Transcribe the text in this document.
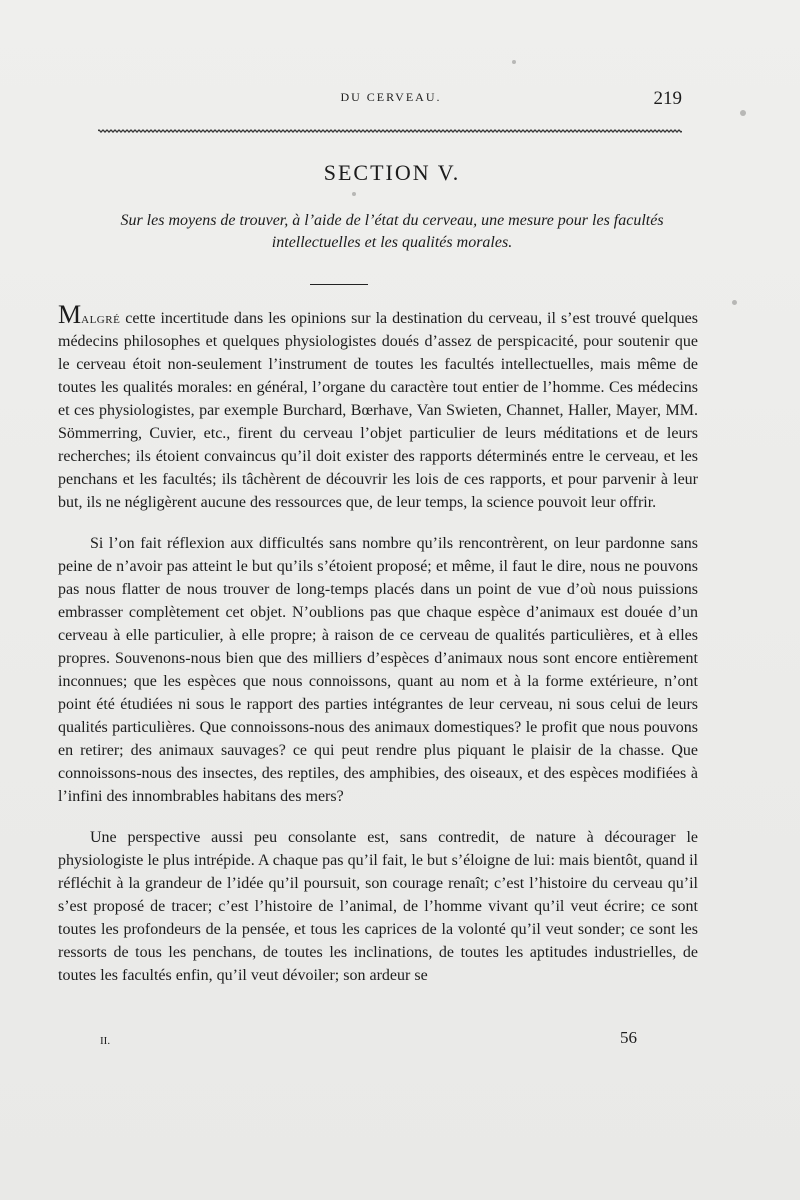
DU CERVEAU.	219
SECTION V.
Sur les moyens de trouver, à l’aide de l’état du cerveau, une mesure pour les facultés
intellectuelles et les qualités morales.

Malgré cette incertitude dans les opinions sur la destination du cerveau, il s’est trouvé quelques médecins philosophes et quelques physiologistes doués d’assez de perspicacité, pour soutenir que le cerveau étoit non-seulement l’instrument de toutes les facultés intellectuelles, mais même de toutes les qualités morales: en général, l’organe du caractère tout entier de l’homme. Ces médecins et ces physiologistes, par exemple Burchard, Bœrhave, Van Swieten, Channet, Haller, Mayer, MM. Sömmerring, Cuvier, etc., firent du cerveau l’objet particulier de leurs méditations et de leurs recherches; ils étoient convaincus qu’il doit exister des rapports déterminés entre le cerveau, et les penchans et les facultés; ils tâchèrent de découvrir les lois de ces rapports, et pour parvenir à leur but, ils ne négligèrent aucune des ressources que, de leur temps, la science pouvoit leur offrir.

Si l’on fait réflexion aux difficultés sans nombre qu’ils rencontrèrent, on leur pardonne sans peine de n’avoir pas atteint le but qu’ils s’étoient proposé; et même, il faut le dire, nous ne pouvons pas nous flatter de nous trouver de long-temps placés dans un point de vue d’où nous puissions embrasser complètement cet objet. N’oublions pas que chaque espèce d’animaux est douée d’un cerveau à elle particulier, à elle propre; à raison de ce cerveau de qualités particulières, et à elles propres. Souvenons-nous bien que des milliers d’espèces d’animaux nous sont encore entièrement inconnues; que les espèces que nous connoissons, quant au nom et à la forme extérieure, n’ont point été étudiées ni sous le rapport des parties intégrantes de leur cerveau, ni sous celui de leurs qualités particulières. Que connoissons-nous des animaux domestiques? le profit que nous pouvons en retirer; des animaux sauvages? ce qui peut rendre plus piquant le plaisir de la chasse. Que connoissons-nous des insectes, des reptiles, des amphibies, des oiseaux, et des espèces modifiées à l’infini des innombrables habitans des mers?

Une perspective aussi peu consolante est, sans contredit, de nature à décourager le physiologiste le plus intrépide. A chaque pas qu’il fait, le but s’éloigne de lui: mais bientôt, quand il réfléchit à la grandeur de l’idée qu’il poursuit, son courage renaît; c’est l’histoire du cerveau qu’il s’est proposé de tracer; c’est l’histoire de l’animal, de l’homme vivant qu’il veut écrire; ce sont toutes les profondeurs de la pensée, et tous les caprices de la volonté qu’il veut sonder; ce sont les ressorts de tous les penchans, de toutes les inclinations, de toutes les aptitudes industrielles, de toutes les facultés enfin, qu’il veut dévoiler; son ardeur se

II.	56
